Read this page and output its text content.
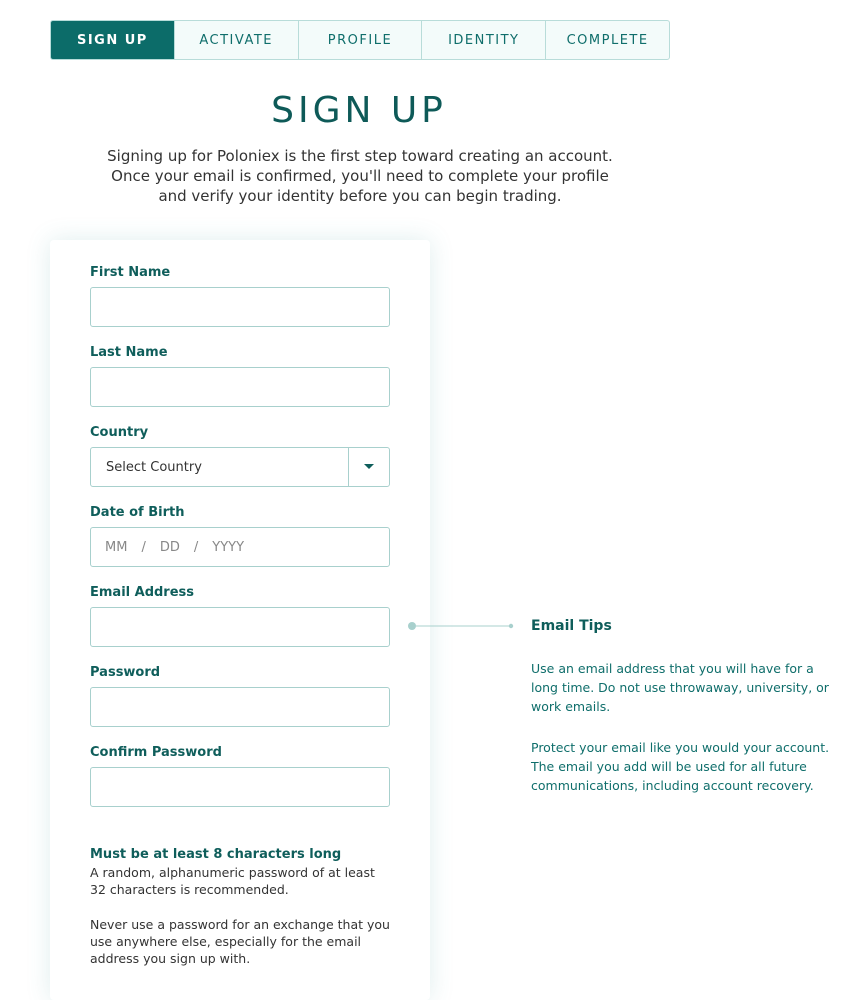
SIGN UP	ACTIVATE	PROFILE	IDENTITY	COMPLETE
SIGN UP

Signing up for Poloniex is the first step toward creating an account. Once your email is confirmed, you'll need to complete your profile and verify your identity before you can begin trading.

First Name
Last Name
Country
Select Country
Date of Birth
MM / DD / YYYY
Email Address
Password
Confirm Password
Must be at least 8 characters long
A random, alphanumeric password of at least 32 characters is recommended.
Never use a password for an exchange that you use anywhere else, especially for the email address you sign up with.
Email Tips
Use an email address that you will have for a long time. Do not use throwaway, university, or work emails.
Protect your email like you would your account. The email you add will be used for all future communications, including account recovery.
